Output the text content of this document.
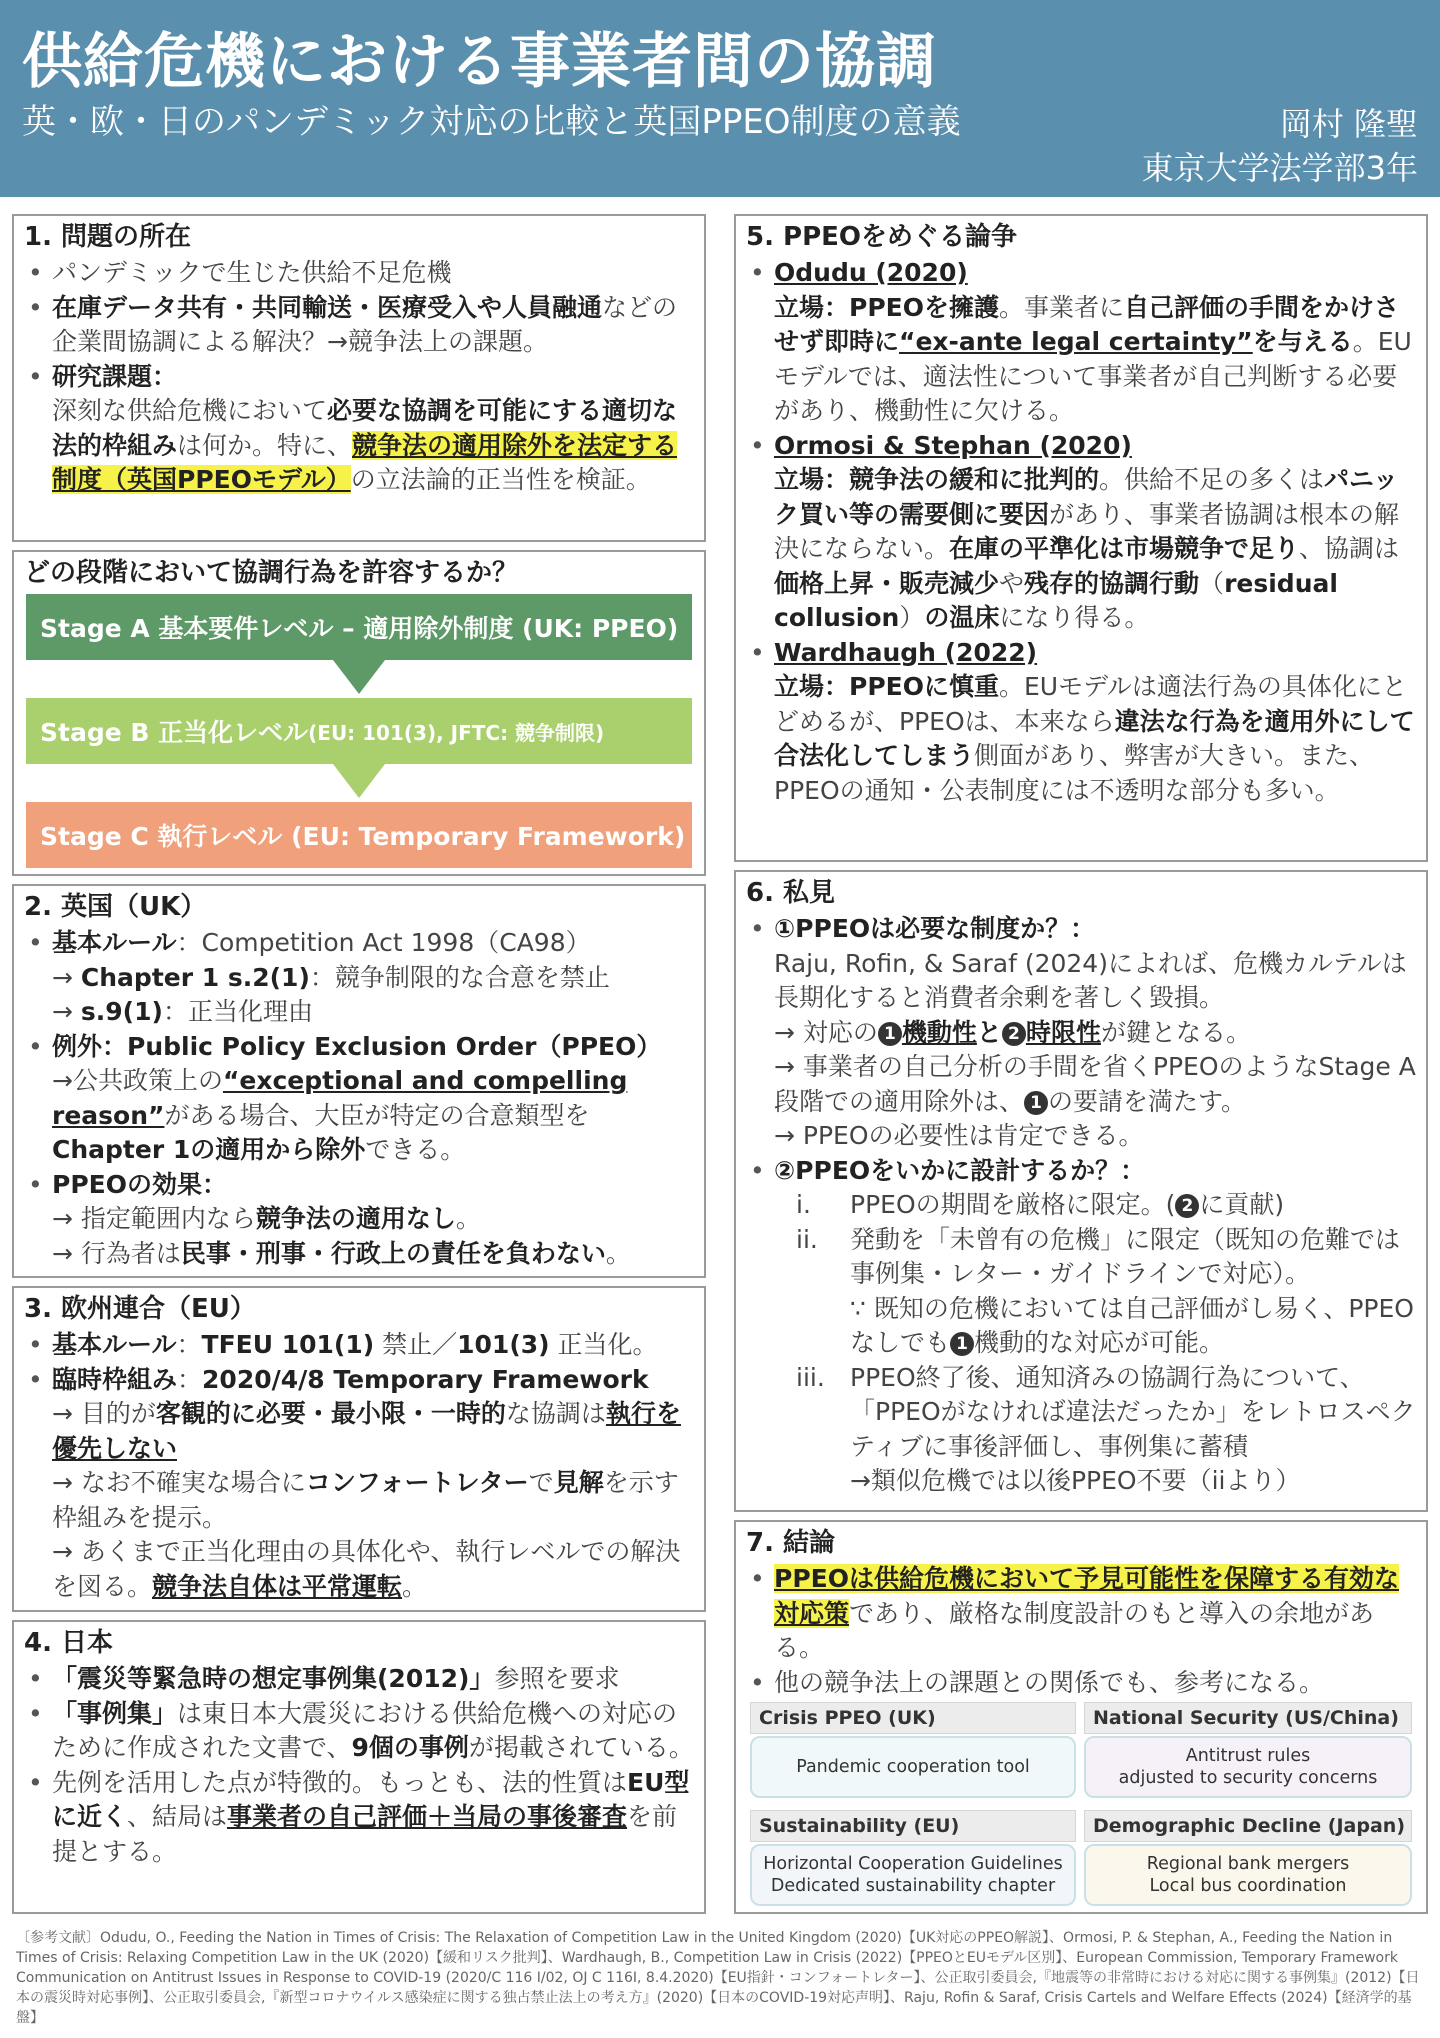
供給危機における事業者間の協調
英・欧・日のパンデミック対応の比較と英国PPEO制度の意義	岡村 隆聖
東京大学法学部3年
1. 問題の所在
• パンデミックで生じた供給不足危機
• 在庫データ共有・共同輸送・医療受入や人員融通などの企業間協調による解決？→競争法上の課題。
• 研究課題：
深刻な供給危機において必要な協調を可能にする適切な法的枠組みは何か。特に、競争法の適用除外を法定する制度（英国PPEOモデル）の立法論的正当性を検証。
どの段階において協調行為を許容するか？
Stage A 基本要件レベル – 適用除外制度 (UK: PPEO)
Stage B 正当化レベル (EU: 101(3), JFTC: 競争制限)
Stage C 執行レベル (EU: Temporary Framework)
2. 英国（UK）
• 基本ルール：Competition Act 1998（CA98）
→ Chapter 1 s.2(1)：競争制限的な合意を禁止
→ s.9(1)：正当化理由
• 例外：Public Policy Exclusion Order（PPEO）
→公共政策上の“exceptional and compelling reason”がある場合、大臣が特定の合意類型をChapter 1の適用から除外できる。
• PPEOの効果：
→ 指定範囲内なら競争法の適用なし。
→ 行為者は民事・刑事・行政上の責任を負わない。
3. 欧州連合（EU）
• 基本ルール：TFEU 101(1) 禁止／101(3) 正当化。
• 臨時枠組み：2020/4/8 Temporary Framework
→ 目的が客観的に必要・最小限・一時的な協調は執行を優先しない
→ なお不確実な場合にコンフォートレターで見解を示す枠組みを提示。
→ あくまで正当化理由の具体化や、執行レベルでの解決を図る。競争法自体は平常運転。
4. 日本
• 「震災等緊急時の想定事例集(2012)」参照を要求
• 「事例集」は東日本大震災における供給危機への対応のために作成された文書で、9個の事例が掲載されている。
• 先例を活用した点が特徴的。もっとも、法的性質はEU型に近く、結局は事業者の自己評価＋当局の事後審査を前提とする。
5. PPEOをめぐる論争
• Odudu (2020)
立場：PPEOを擁護。事業者に自己評価の手間をかけさせず即時に“ex-ante legal certainty”を与える。EUモデルでは、適法性について事業者が自己判断する必要があり、機動性に欠ける。
• Ormosi & Stephan (2020)
立場：競争法の緩和に批判的。供給不足の多くはパニック買い等の需要側に要因があり、事業者協調は根本の解決にならない。在庫の平準化は市場競争で足り、協調は価格上昇・販売減少や残存的協調行動（residual collusion）の温床になり得る。
• Wardhaugh (2022)
立場：PPEOに慎重。EUモデルは適法行為の具体化にとどめるが、PPEOは、本来なら違法な行為を適用外にして合法化してしまう側面があり、弊害が大きい。また、PPEOの通知・公表制度には不透明な部分も多い。
6. 私見
• ①PPEOは必要な制度か？：
Raju, Rofin, & Saraf (2024)によれば、危機カルテルは長期化すると消費者余剰を著しく毀損。
→ 対応の 1 機動性と 2 時限性が鍵となる。
→ 事業者の自己分析の手間を省くPPEOのようなStage A段階での適用除外は、 1 の要請を満たす。
→ PPEOの必要性は肯定できる。
• ②PPEOをいかに設計するか？：
i. PPEOの期間を厳格に限定。( 2 に貢献)
ii. 発動を「未曾有の危機」に限定（既知の危難では事例集・レター・ガイドラインで対応）。
∵ 既知の危機においては自己評価がし易く、PPEOなしでも 1 機動的な対応が可能。
iii. PPEO終了後、通知済みの協調行為について、「PPEOがなければ違法だったか」をレトロスペクティブに事後評価し、事例集に蓄積
→類似危機では以後PPEO不要（iiより）
7. 結論
• PPEOは供給危機において予見可能性を保障する有効な対応策であり、厳格な制度設計のもと導入の余地がある。
• 他の競争法上の課題との関係でも、参考になる。
Crisis PPEO (UK)
Pandemic cooperation tool
National Security (US/China)
Antitrust rules
adjusted to security concerns
Sustainability (EU)
Horizontal Cooperation Guidelines
Dedicated sustainability chapter
Demographic Decline (Japan)
Regional bank mergers
Local bus coordination
〔参考文献〕Odudu, O., Feeding the Nation in Times of Crisis: The Relaxation of Competition Law in the United Kingdom (2020)【UK対応のPPEO解説】、Ormosi, P. & Stephan, A., Feeding the Nation in Times of Crisis: Relaxing Competition Law in the UK (2020)【緩和リスク批判】、Wardhaugh, B., Competition Law in Crisis (2022)【PPEOとEUモデル区別】、European Commission, Temporary Framework Communication on Antitrust Issues in Response to COVID-19 (2020/C 116 I/02, OJ C 116I, 8.4.2020)【EU指針・コンフォートレター】、公正取引委員会,『地震等の非常時における対応に関する事例集』(2012)【日本の震災時対応事例】、公正取引委員会,『新型コロナウイルス感染症に関する独占禁止法上の考え方』(2020)【日本のCOVID-19対応声明】、Raju, Rofin & Saraf, Crisis Cartels and Welfare Effects (2024)【経済学的基盤】
